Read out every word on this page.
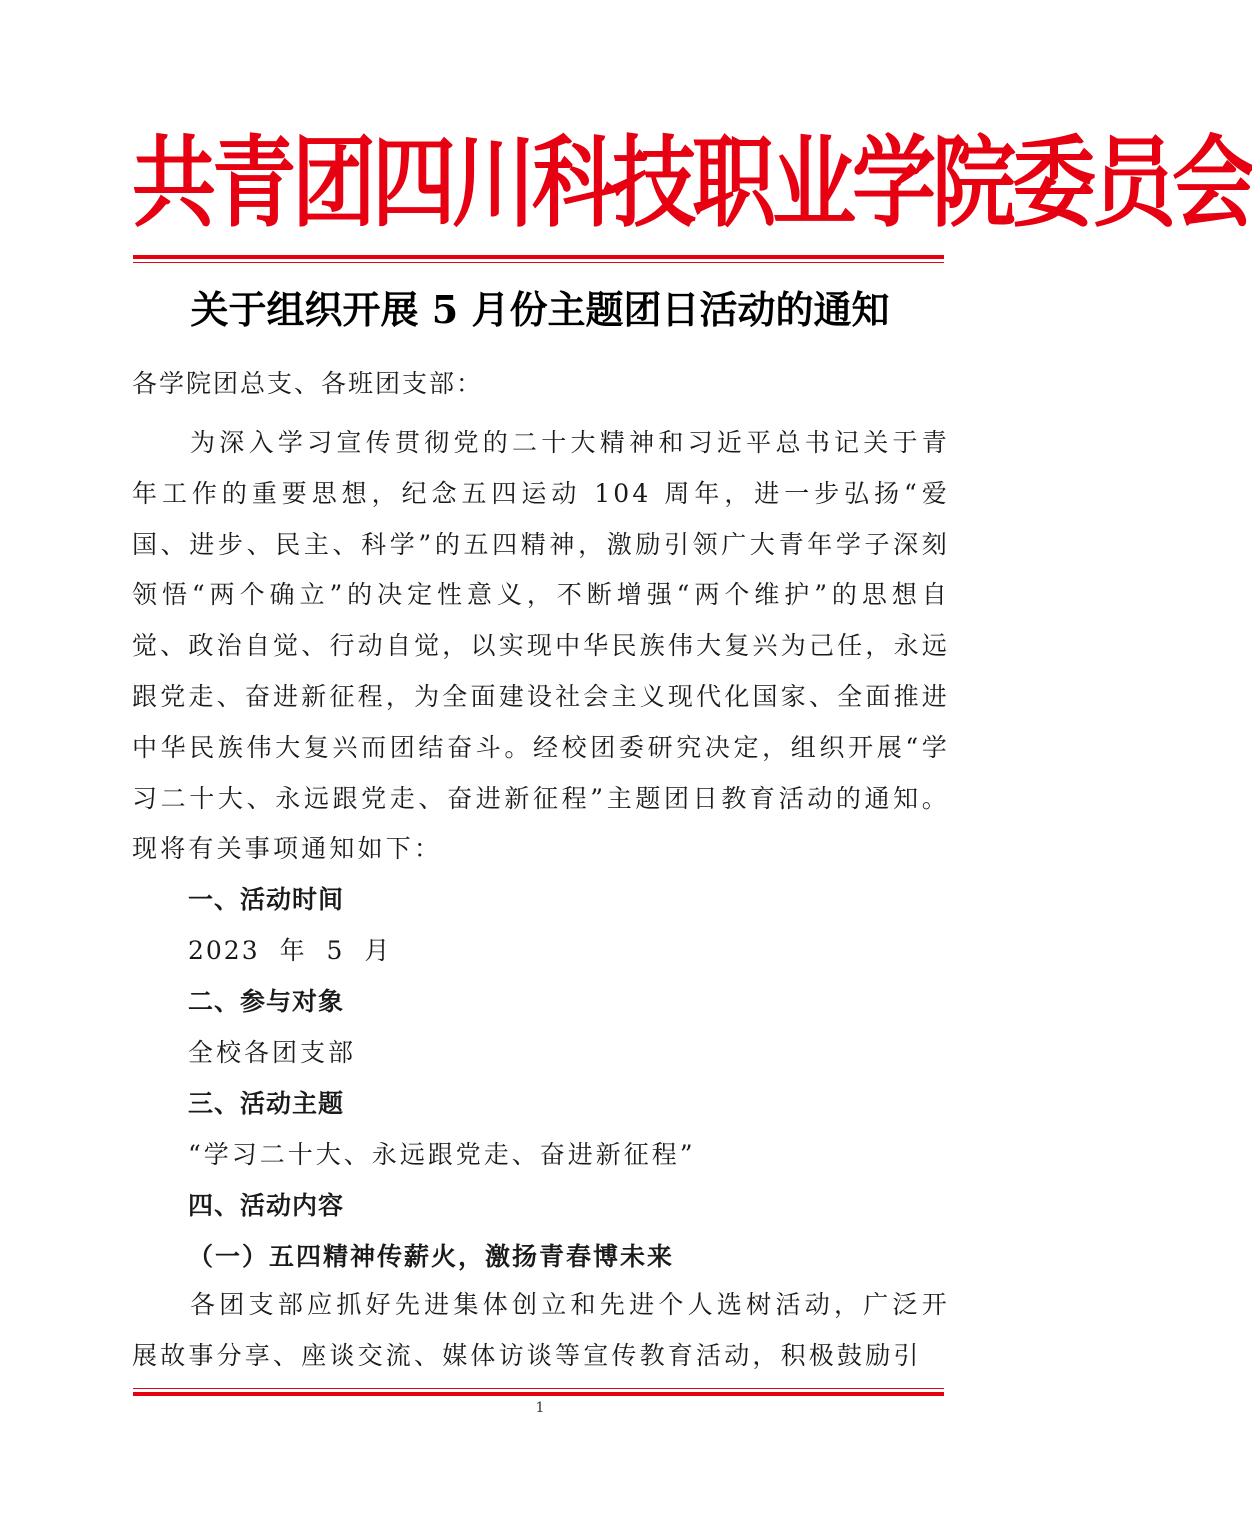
共青团四川科技职业学院委员会
关于组织开展 5 月份主题团日活动的通知
各学院团总支、各班团支部：

为深入学习宣传贯彻党的二十大精神和习近平总书记关于青年工作的重要思想，纪念五四运动 104 周年，进一步弘扬“爱国、进步、民主、科学”的五四精神，激励引领广大青年学子深刻领悟“两个确立”的决定性意义，不断增强“两个维护”的思想自觉、政治自觉、行动自觉，以实现中华民族伟大复兴为己任，永远跟党走、奋进新征程，为全面建设社会主义现代化国家、全面推进中华民族伟大复兴而团结奋斗。经校团委研究决定，组织开展“学习二十大、永远跟党走、奋进新征程”主题团日教育活动的通知。现将有关事项通知如下：

一、活动时间
2023 年 5 月
二、参与对象
全校各团支部
三、活动主题
“学习二十大、永远跟党走、奋进新征程”
四、活动内容
（一）五四精神传薪火，激扬青春博未来

各团支部应抓好先进集体创立和先进个人选树活动，广泛开展故事分享、座谈交流、媒体访谈等宣传教育活动，积极鼓励引

1
